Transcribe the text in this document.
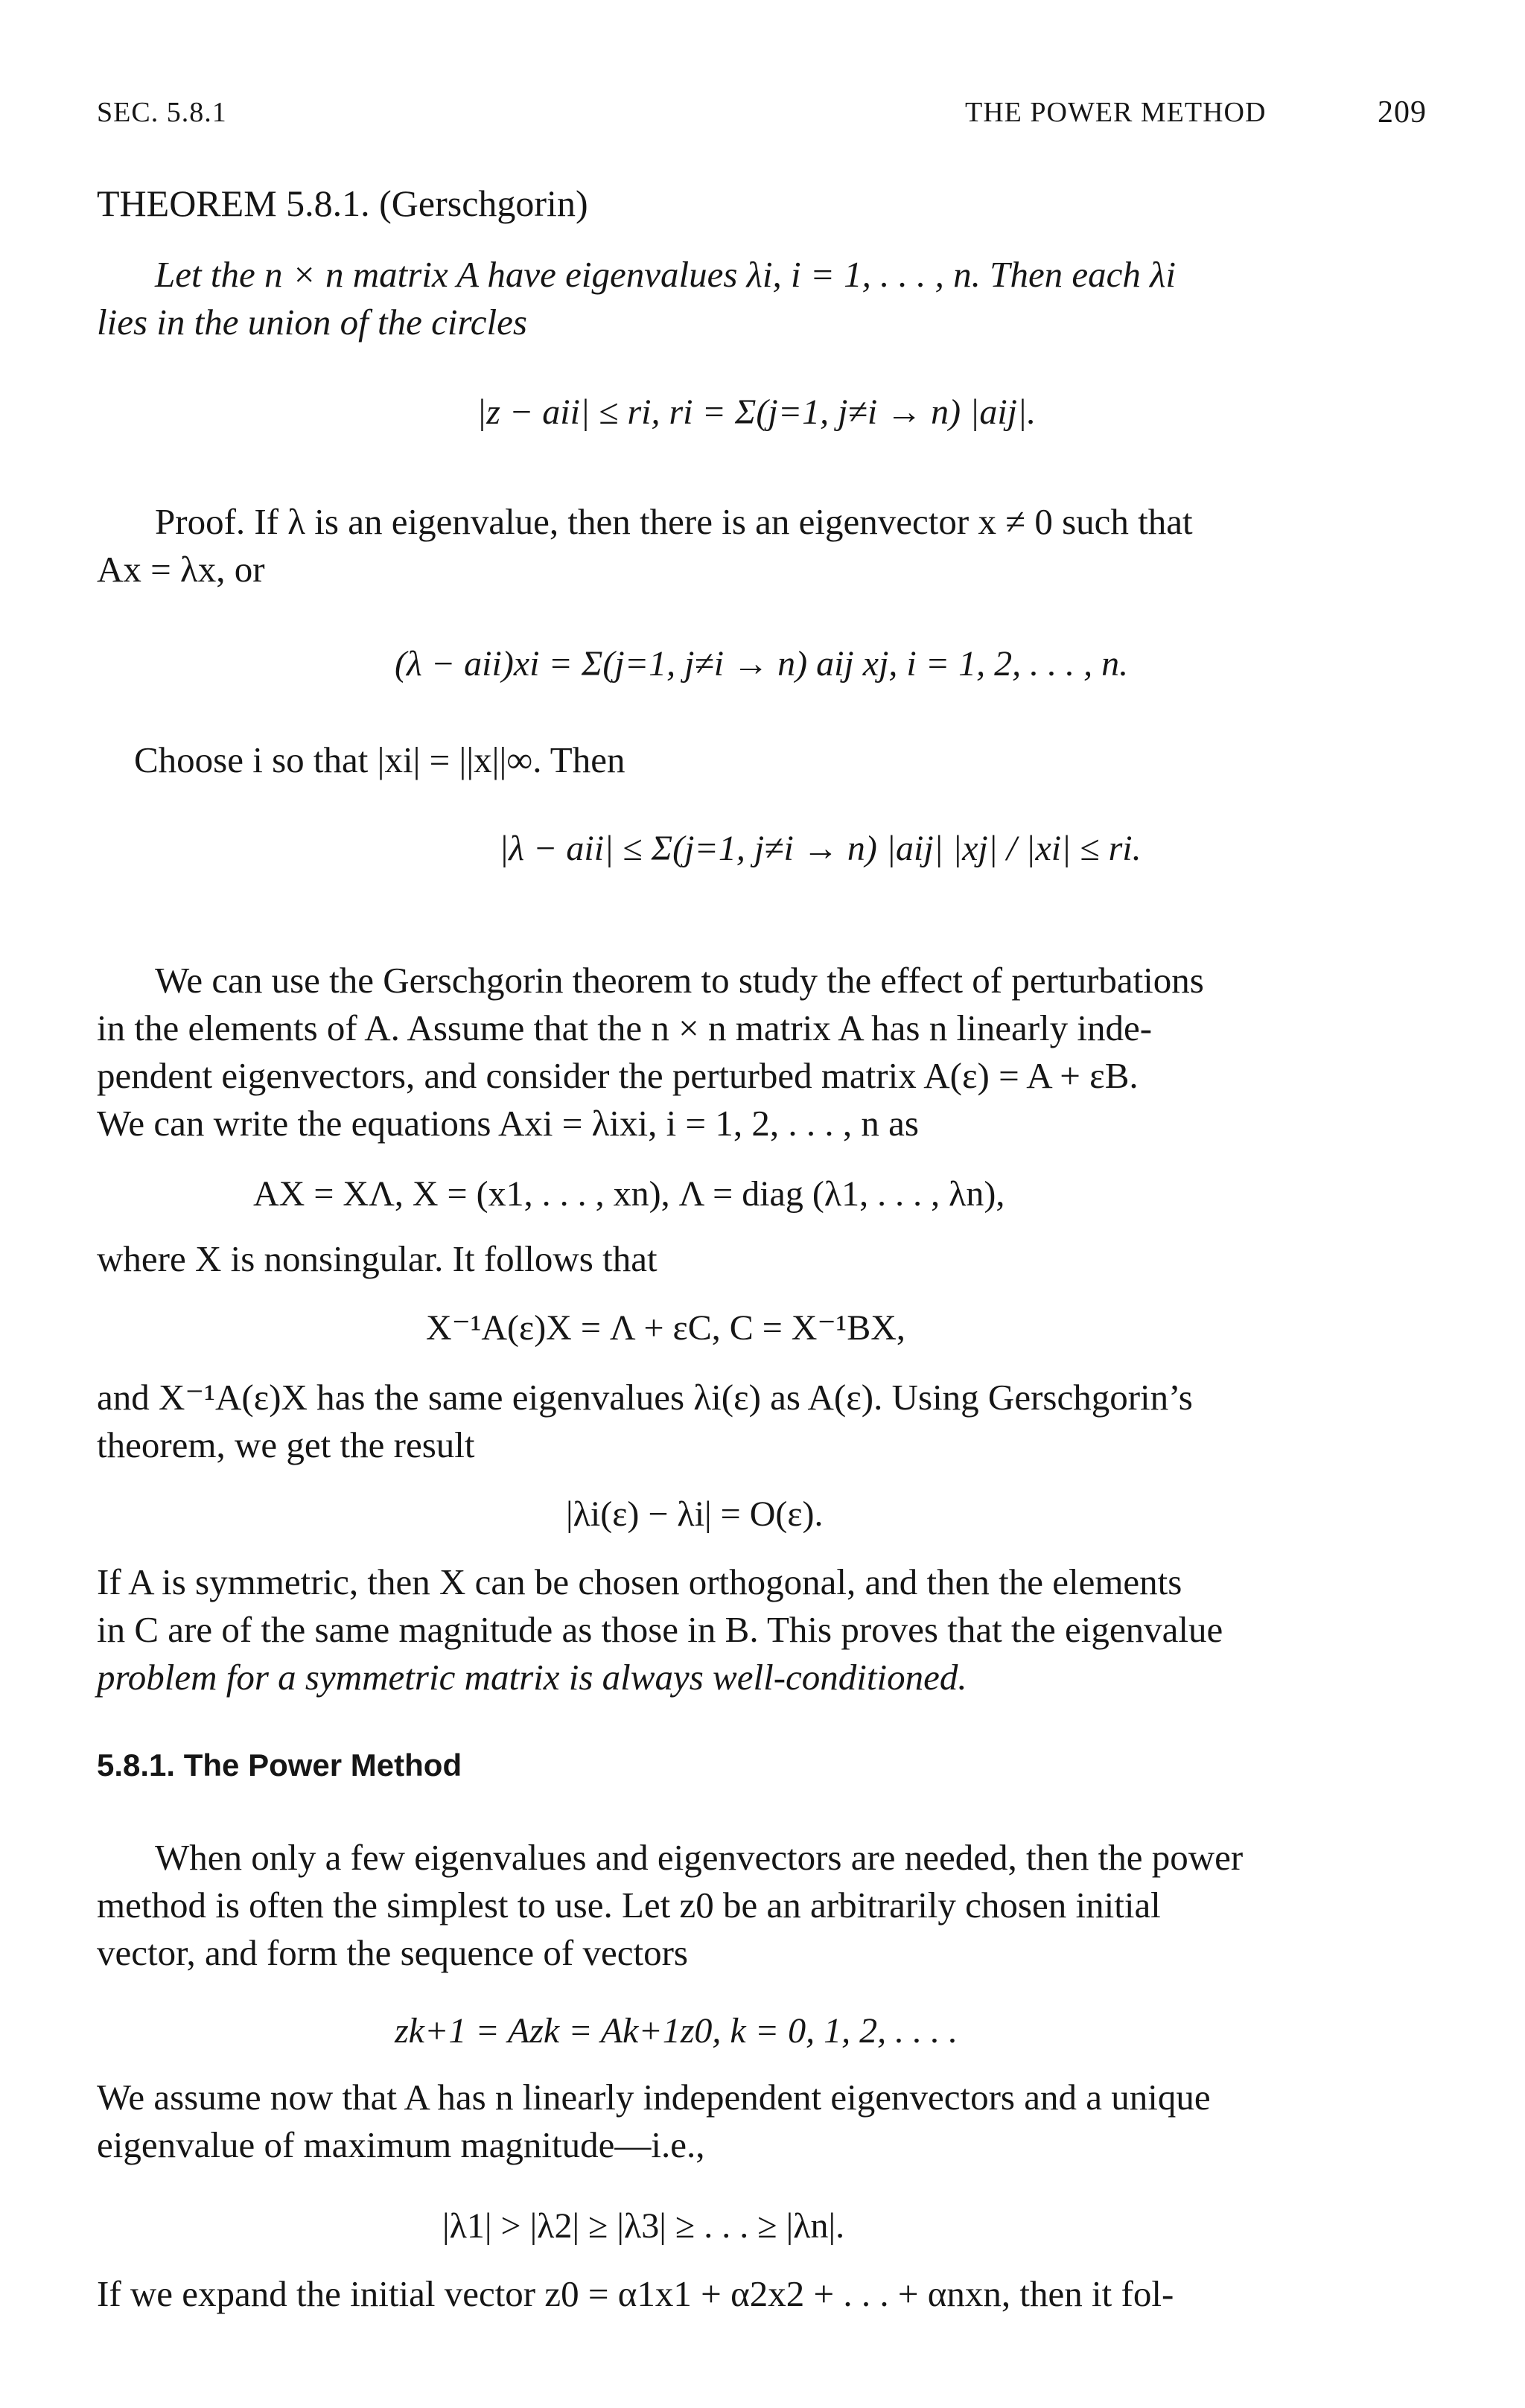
SEC. 5.8.1	THE POWER METHOD	209
THEOREM 5.8.1. (Gerschgorin)
Let the n × n matrix A have eigenvalues λi, i = 1, . . . , n. Then each λi
lies in the union of the circles
|z − aii| ≤ ri, ri = Σ(j=1, j≠i → n) |aij|.
Proof. If λ is an eigenvalue, then there is an eigenvector x ≠ 0 such that
Ax = λx, or
(λ − aii)xi = Σ(j=1, j≠i → n) aij xj, i = 1, 2, . . . , n.
Choose i so that |xi| = ||x||∞. Then
|λ − aii| ≤ Σ(j=1, j≠i → n) |aij| |xj| / |xi| ≤ ri.
We can use the Gerschgorin theorem to study the effect of perturbations
in the elements of A. Assume that the n × n matrix A has n linearly inde-
pendent eigenvectors, and consider the perturbed matrix A(ε) = A + εB.
We can write the equations Axi = λixi, i = 1, 2, . . . , n as
AX = XΛ, X = (x1, . . . , xn), Λ = diag (λ1, . . . , λn),
where X is nonsingular. It follows that
X⁻¹A(ε)X = Λ + εC, C = X⁻¹BX,
and X⁻¹A(ε)X has the same eigenvalues λi(ε) as A(ε). Using Gerschgorin’s
theorem, we get the result
|λi(ε) − λi| = O(ε).
If A is symmetric, then X can be chosen orthogonal, and then the elements
in C are of the same magnitude as those in B. This proves that the eigenvalue
problem for a symmetric matrix is always well-conditioned.
5.8.1. The Power Method
When only a few eigenvalues and eigenvectors are needed, then the power
method is often the simplest to use. Let z0 be an arbitrarily chosen initial
vector, and form the sequence of vectors
zk+1 = Azk = Ak+1z0, k = 0, 1, 2, . . . .
We assume now that A has n linearly independent eigenvectors and a unique
eigenvalue of maximum magnitude—i.e.,
|λ1| > |λ2| ≥ |λ3| ≥ . . . ≥ |λn|.
If we expand the initial vector z0 = α1x1 + α2x2 + . . . + αnxn, then it fol-
